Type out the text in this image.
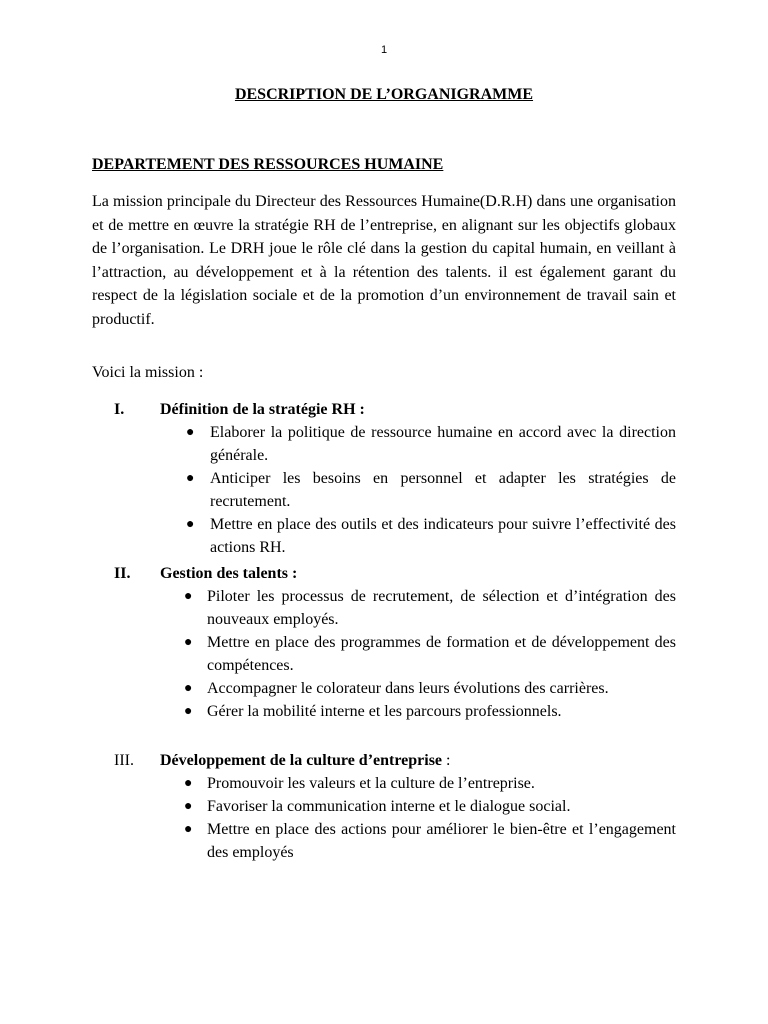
1
DESCRIPTION DE L’ORGANIGRAMME
DEPARTEMENT DES RESSOURCES HUMAINE

La mission principale du Directeur des Ressources Humaine(D.R.H) dans une organisation et de mettre en œuvre la stratégie RH de l’entreprise, en alignant sur les objectifs globaux de l’organisation. Le DRH joue le rôle clé dans la gestion du capital humain, en veillant à l’attraction, au développement et à la rétention des talents. il est également garant du respect de la législation sociale et de la promotion d’un environnement de travail sain et productif.

Voici la mission :

I. Définition de la stratégie RH :
● Elaborer la politique de ressource humaine en accord avec la direction générale.
● Anticiper les besoins en personnel et adapter les stratégies de recrutement.
● Mettre en place des outils et des indicateurs pour suivre l’effectivité des actions RH.
II. Gestion des talents :
● Piloter les processus de recrutement, de sélection et d’intégration des nouveaux employés.
● Mettre en place des programmes de formation et de développement des compétences.
● Accompagner le colorateur dans leurs évolutions des carrières.
● Gérer la mobilité interne et les parcours professionnels.
III. Développement de la culture d’entreprise :
● Promouvoir les valeurs et la culture de l’entreprise.
● Favoriser la communication interne et le dialogue social.
● Mettre en place des actions pour améliorer le bien-être et l’engagement des employés
